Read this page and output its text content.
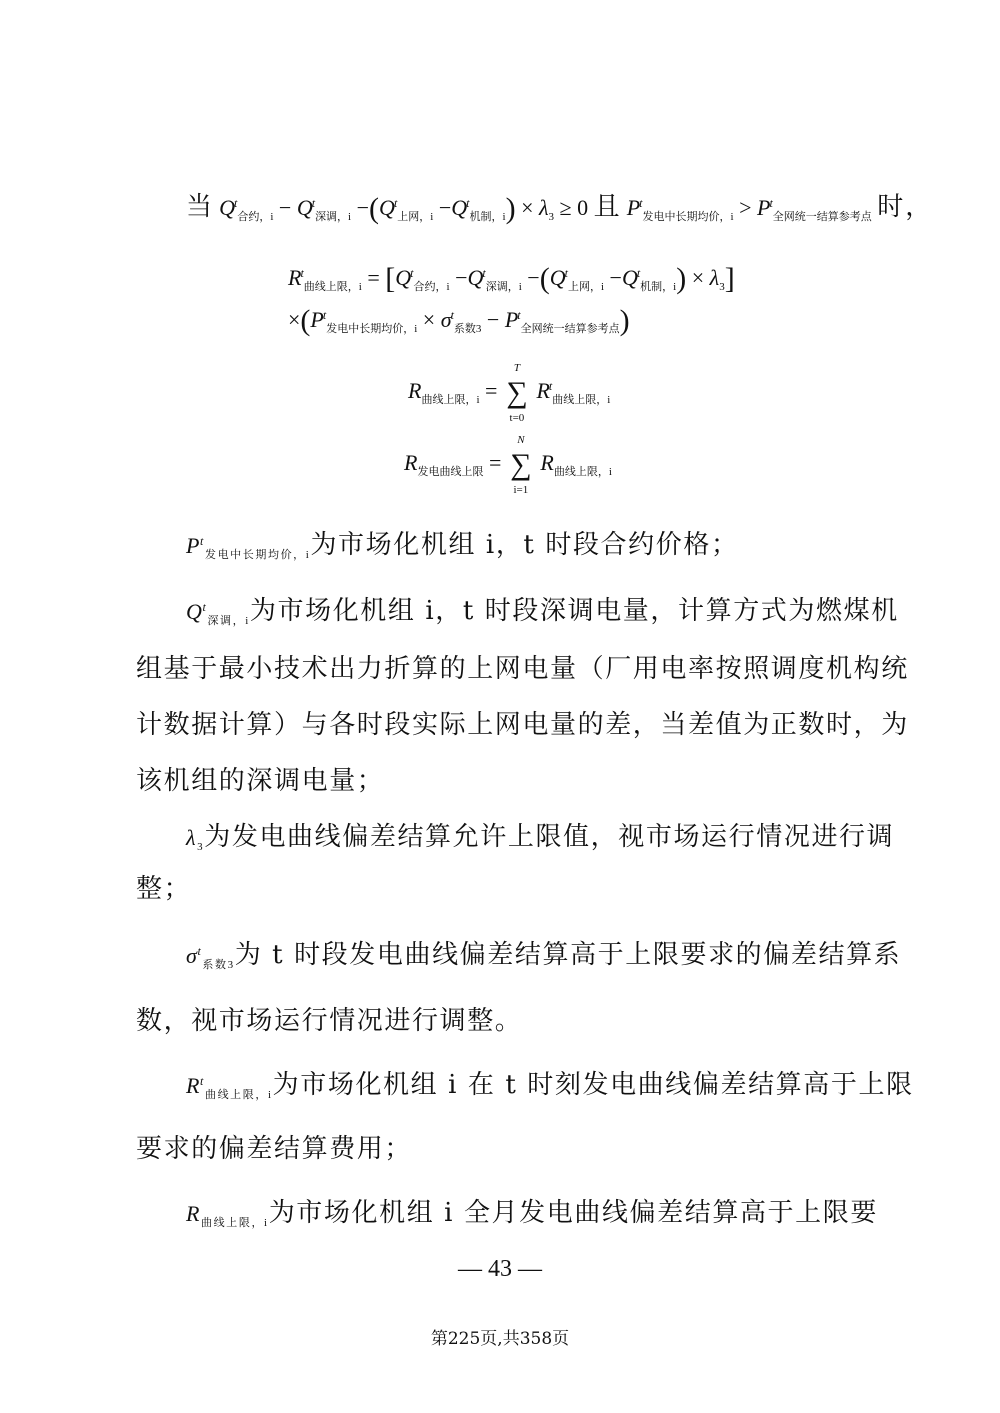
当 $Q^t_{合约,i} - Q^t_{深调,i} -(Q^t_{上网,i} -Q^t_{机制,i}) \times \lambda_3 \ge 0$ 且 $P^t_{发电中长期均价,i} > P^t_{全网统一结算参考点}$ 时，
$R^t_{曲线上限,i} = [Q^t_{合约,i} -Q^t_{深调,i} -(Q^t_{上网,i} -Q^t_{机制,i}) \times \lambda_3]$
$\times(P^t_{发电中长期均价,i} \times \sigma^t_{系数3} - P^t_{全网统一结算参考点})$
$R_{曲线上限,i}$ =
T
∑
t=0
$R^t_{曲线上限,i}$
$R_{发电曲线上限}$ =
N
∑
i=1
$R_{曲线上限,i}$
$P^t_{发电中长期均价,i}$为市场化机组 i，t 时段合约价格；
$Q^t_{深调,i}$为市场化机组 i，t 时段深调电量，计算方式为燃煤机
组基于最小技术出力折算的上网电量（厂用电率按照调度机构统
计数据计算）与各时段实际上网电量的差，当差值为正数时，为
该机组的深调电量；
$\lambda_3$为发电曲线偏差结算允许上限值，视市场运行情况进行调
整；
$\sigma^t_{系数3}$为 t 时段发电曲线偏差结算高于上限要求的偏差结算系
数，视市场运行情况进行调整。
$R^t_{曲线上限,i}$为市场化机组 i 在 t 时刻发电曲线偏差结算高于上限
要求的偏差结算费用；
$R_{曲线上限,i}$为市场化机组 i 全月发电曲线偏差结算高于上限要
— 43 —
第225页,共358页
